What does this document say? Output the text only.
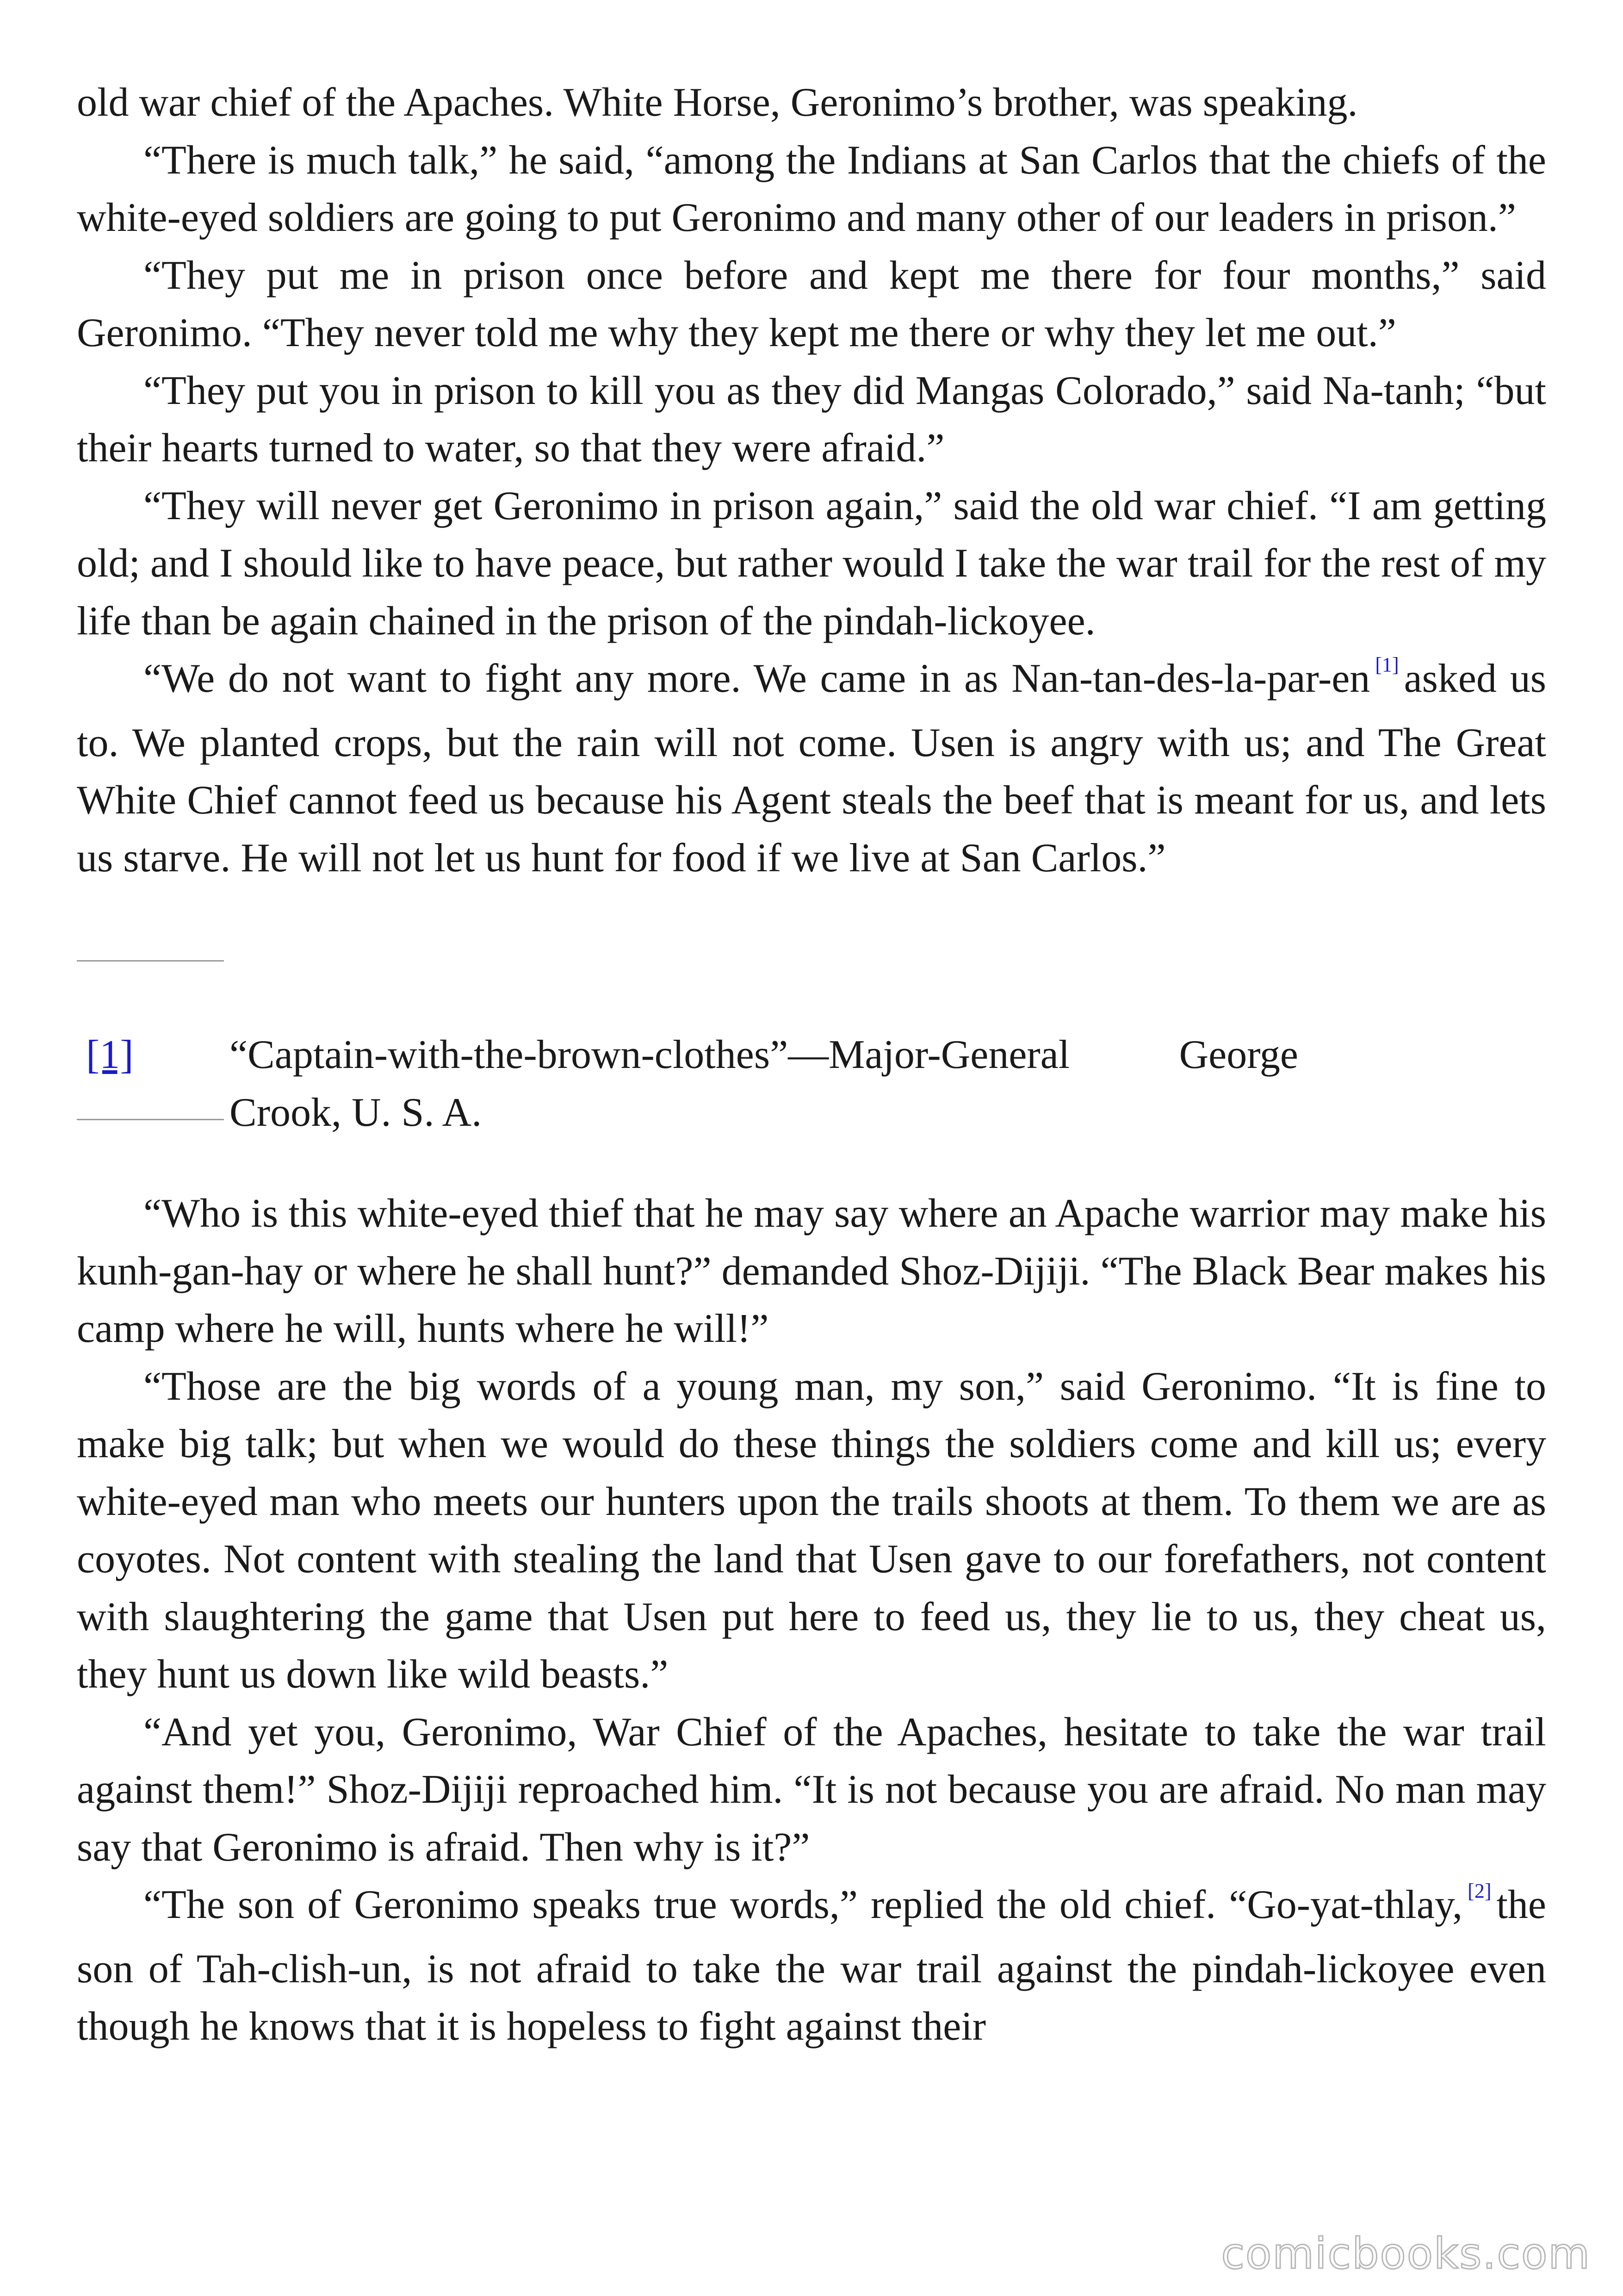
old war chief of the Apaches. White Horse, Geronimo’s brother, was speaking.

“There is much talk,” he said, “among the Indians at San Carlos that the chiefs of the white-eyed soldiers are going to put Geronimo and many other of our leaders in prison.”

“They put me in prison once before and kept me there for four months,” said Geronimo. “They never told me why they kept me there or why they let me out.”

“They put you in prison to kill you as they did Mangas Colorado,” said Na-tanh; “but their hearts turned to water, so that they were afraid.”

“They will never get Geronimo in prison again,” said the old war chief. “I am getting old; and I should like to have peace, but rather would I take the war trail for the rest of my life than be again chained in the prison of the pindah-lickoyee.

“We do not want to fight any more. We came in as Nan-tan-des-la-par-en [1] asked us to. We planted crops, but the rain will not come. Usen is angry with us; and The Great White Chief cannot feed us because his Agent steals the beef that is meant for us, and lets us starve. He will not let us hunt for food if we live at San Carlos.”

[1] “Captain-with-the-brown-clothes”—Major-General	George
Crook, U. S. A.

“Who is this white-eyed thief that he may say where an Apache warrior may make his kunh-gan-hay or where he shall hunt?” demanded Shoz-Dijiji. “The Black Bear makes his camp where he will, hunts where he will!”

“Those are the big words of a young man, my son,” said Geronimo. “It is fine to make big talk; but when we would do these things the soldiers come and kill us; every white-eyed man who meets our hunters upon the trails shoots at them. To them we are as coyotes. Not content with stealing the land that Usen gave to our forefathers, not content with slaughtering the game that Usen put here to feed us, they lie to us, they cheat us, they hunt us down like wild beasts.”

“And yet you, Geronimo, War Chief of the Apaches, hesitate to take the war trail against them!” Shoz-Dijiji reproached him. “It is not because you are afraid. No man may say that Geronimo is afraid. Then why is it?”

“The son of Geronimo speaks true words,” replied the old chief. “Go-yat-thlay, [2] the son of Tah-clish-un, is not afraid to take the war trail against the pindah-lickoyee even though he knows that it is hopeless to fight against their

comicbooks.com
